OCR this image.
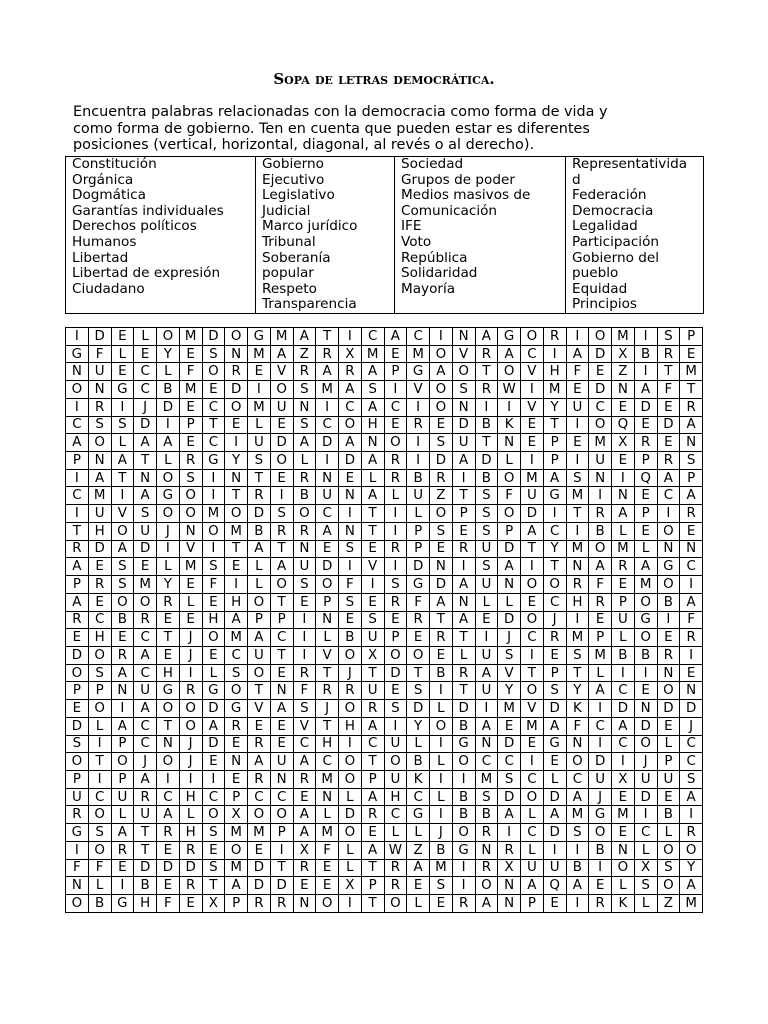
Sopa de letras democrática.
Encuentra palabras relacionadas con la democracia como forma de vida y
como forma de gobierno. Ten en cuenta que pueden estar es diferentes
posiciones (vertical, horizontal, diagonal, al revés o al derecho).
Constitución
Orgánica
Dogmática
Garantías individuales
Derechos políticos
Humanos
Libertad
Libertad de expresión
Ciudadano

Gobierno
Ejecutivo
Legislativo
Judicial
Marco jurídico
Tribunal
Soberanía
popular
Respeto
Transparencia

Sociedad
Grupos de poder
Medios masivos de
Comunicación
IFE
Voto
República
Solidaridad
Mayoría

Representativida
d
Federación
Democracia
Legalidad
Participación
Gobierno del
pueblo
Equidad
Principios
I	D	E	L	O	M	D	O	G	M	A	T	I	C	A	C	I	N	A	G	O	R	I	O	M	I	S	P
G	F	L	E	Y	E	S	N	M	A	Z	R	X	M	E	M	O	V	R	A	C	I	A	D	X	B	R	E
N	U	E	C	L	F	O	R	E	V	R	A	R	A	P	G	A	O	T	O	V	H	F	E	Z	I	T	M
O	N	G	C	B	M	E	D	I	O	S	M	A	S	I	V	O	S	R	W	I	M	E	D	N	A	F	T
I	R	I	J	D	E	C	O	M	U	N	I	C	A	C	I	O	N	I	I	V	Y	U	C	E	D	E	R
C	S	S	D	I	P	T	E	L	E	S	C	O	H	E	R	E	D	B	K	E	T	I	O	Q	E	D	A
A	O	L	A	A	E	C	I	U	D	A	D	A	N	O	I	S	U	T	N	E	P	E	M	X	R	E	N
P	N	A	T	L	R	G	Y	S	O	L	I	D	A	R	I	D	A	D	L	I	P	I	U	E	P	R	S
I	A	T	N	O	S	I	N	T	E	R	N	E	L	R	B	R	I	B	O	M	A	S	N	I	Q	A	P
C	M	I	A	G	O	I	T	R	I	B	U	N	A	L	U	Z	T	S	F	U	G	M	I	N	E	C	A
I	U	V	S	O	O	M	O	D	S	O	C	I	T	I	L	O	P	S	O	D	I	T	R	A	P	I	R
T	H	O	U	J	N	O	M	B	R	R	A	N	T	I	P	S	E	S	P	A	C	I	B	L	E	O	E
R	D	A	D	I	V	I	T	A	T	N	E	S	E	R	P	E	R	U	D	T	Y	M	O	M	L	N	N
A	E	S	E	L	M	S	E	L	A	U	D	I	V	I	D	N	I	S	A	I	T	N	A	R	A	G	C
P	R	S	M	Y	E	F	I	L	O	S	O	F	I	S	G	D	A	U	N	O	O	R	F	E	M	O	I
A	E	O	O	R	L	E	H	O	T	E	P	S	E	R	F	A	N	L	L	E	C	H	R	P	O	B	A
R	C	B	R	E	E	H	A	P	P	I	N	E	S	E	R	T	A	E	D	O	J	I	E	U	G	I	F
E	H	E	C	T	J	O	M	A	C	I	L	B	U	P	E	R	T	I	J	C	R	M	P	L	O	E	R
D	O	R	A	E	J	E	C	U	T	I	V	O	X	O	O	E	L	U	S	I	E	S	M	B	B	R	I
O	S	A	C	H	I	L	S	O	E	R	T	J	T	D	T	B	R	A	V	T	P	T	L	I	I	N	E
P	P	N	U	G	R	G	O	T	N	F	R	R	U	E	S	I	T	U	Y	O	S	Y	A	C	E	O	N
E	O	I	A	O	O	D	G	V	A	S	J	O	R	S	D	L	D	I	M	V	D	K	I	D	N	D	D
D	L	A	C	T	O	A	R	E	E	V	T	H	A	I	Y	O	B	A	E	M	A	F	C	A	D	E	J
S	I	P	C	N	J	D	E	R	E	C	H	I	C	U	L	I	G	N	D	E	G	N	I	C	O	L	C
O	T	O	J	O	J	E	N	A	U	A	C	O	T	O	B	L	O	C	C	I	E	O	D	I	J	P	C
P	I	P	A	I	I	I	E	R	N	R	M	O	P	U	K	I	I	M	S	C	L	C	U	X	U	U	S
U	C	U	R	C	H	C	P	C	C	E	N	L	A	H	C	L	B	S	D	O	D	A	J	E	D	E	A
R	O	L	U	A	L	O	X	O	O	A	L	D	R	C	G	I	B	B	A	L	A	M	G	M	I	B	I
G	S	A	T	R	H	S	M	M	P	A	M	O	E	L	L	J	O	R	I	C	D	S	O	E	C	L	R
I	O	R	T	E	R	E	O	E	I	X	F	L	A	W	Z	B	G	N	R	L	I	I	B	N	L	O	O
F	F	E	D	D	D	S	M	D	T	R	E	L	T	R	A	M	I	R	X	U	U	B	I	O	X	S	Y
N	L	I	B	E	R	T	A	D	D	E	E	X	P	R	E	S	I	O	N	A	Q	A	E	L	S	O	A
O	B	G	H	F	E	X	P	R	R	N	O	I	T	O	L	E	R	A	N	P	E	I	R	K	L	Z	M
